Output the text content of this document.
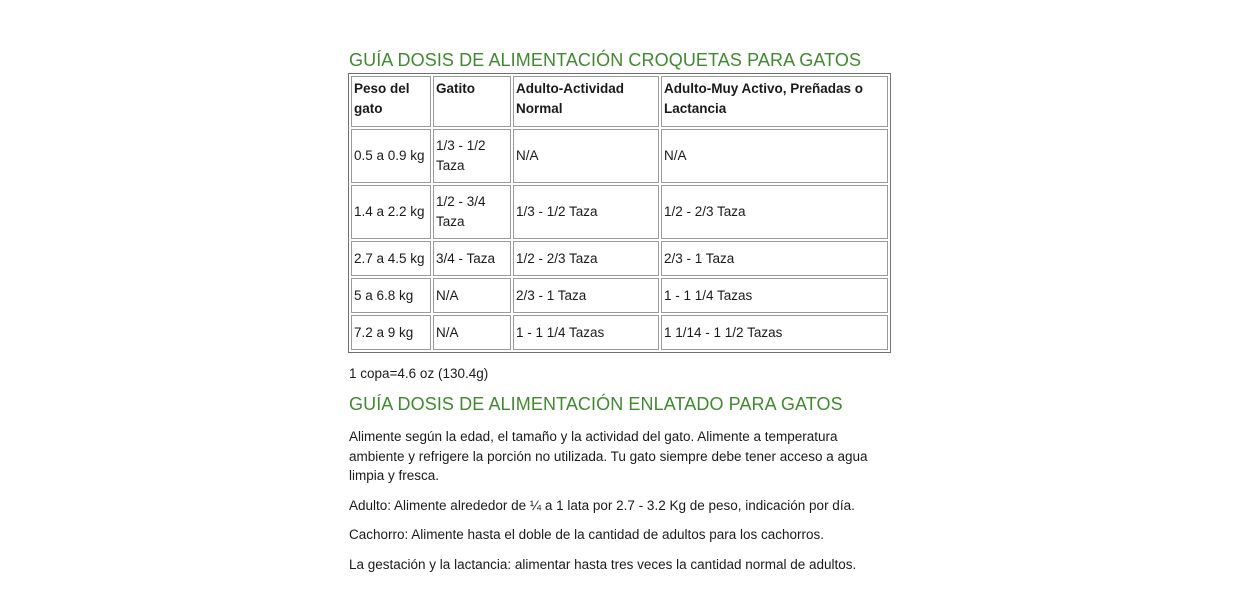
GUÍA DOSIS DE ALIMENTACIÓN CROQUETAS PARA GATOS
Peso del gato	Gatito	Adulto-Actividad Normal	Adulto-Muy Activo, Preñadas o Lactancia
0.5 a 0.9 kg	1/3 - 1/2 Taza	N/A	N/A
1.4 a 2.2 kg	1/2 - 3/4 Taza	1/3 - 1/2 Taza	1/2 - 2/3 Taza
2.7 a 4.5 kg	3/4 - Taza	1/2 - 2/3 Taza	2/3 - 1 Taza
5 a 6.8 kg	N/A	2/3 - 1 Taza	1 - 1 1/4 Tazas
7.2 a 9 kg	N/A	1 - 1 1/4 Tazas	1 1/14 - 1 1/2 Tazas

1 copa=4.6 oz (130.4g)

GUÍA DOSIS DE ALIMENTACIÓN ENLATADO PARA GATOS

Alimente según la edad, el tamaño y la actividad del gato. Alimente a temperatura ambiente y refrigere la porción no utilizada. Tu gato siempre debe tener acceso a agua limpia y fresca.

Adulto: Alimente alrededor de ¼ a 1 lata por 2.7 - 3.2 Kg de peso, indicación por día.

Cachorro: Alimente hasta el doble de la cantidad de adultos para los cachorros.

La gestación y la lactancia: alimentar hasta tres veces la cantidad normal de adultos.
